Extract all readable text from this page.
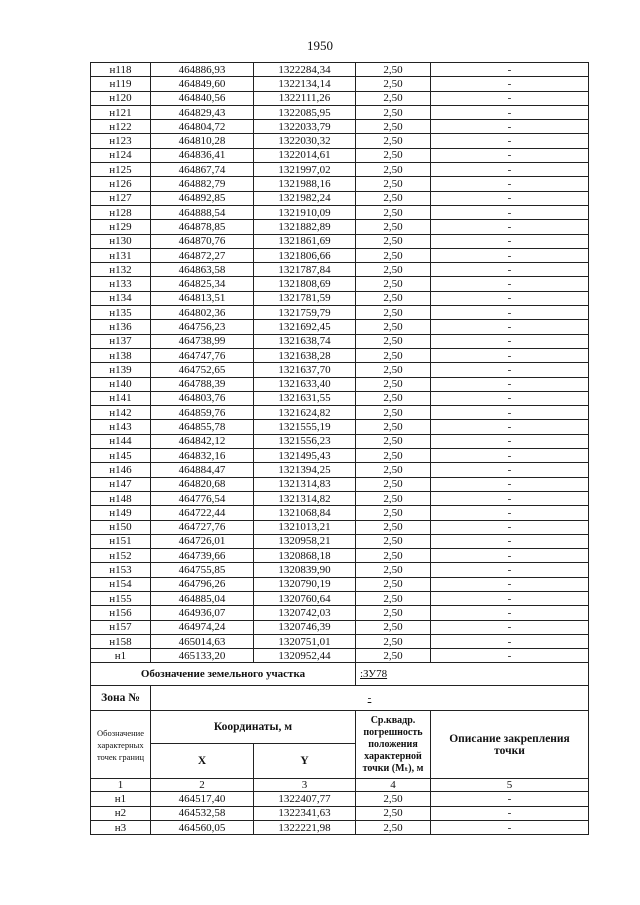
1950
н118	464886,93	1322284,34	2,50	-
н119	464849,60	1322134,14	2,50	-
н120	464840,56	1322111,26	2,50	-
н121	464829,43	1322085,95	2,50	-
н122	464804,72	1322033,79	2,50	-
н123	464810,28	1322030,32	2,50	-
н124	464836,41	1322014,61	2,50	-
н125	464867,74	1321997,02	2,50	-
н126	464882,79	1321988,16	2,50	-
н127	464892,85	1321982,24	2,50	-
н128	464888,54	1321910,09	2,50	-
н129	464878,85	1321882,89	2,50	-
н130	464870,76	1321861,69	2,50	-
н131	464872,27	1321806,66	2,50	-
н132	464863,58	1321787,84	2,50	-
н133	464825,34	1321808,69	2,50	-
н134	464813,51	1321781,59	2,50	-
н135	464802,36	1321759,79	2,50	-
н136	464756,23	1321692,45	2,50	-
н137	464738,99	1321638,74	2,50	-
н138	464747,76	1321638,28	2,50	-
н139	464752,65	1321637,70	2,50	-
н140	464788,39	1321633,40	2,50	-
н141	464803,76	1321631,55	2,50	-
н142	464859,76	1321624,82	2,50	-
н143	464855,78	1321555,19	2,50	-
н144	464842,12	1321556,23	2,50	-
н145	464832,16	1321495,43	2,50	-
н146	464884,47	1321394,25	2,50	-
н147	464820,68	1321314,83	2,50	-
н148	464776,54	1321314,82	2,50	-
н149	464722,44	1321068,84	2,50	-
н150	464727,76	1321013,21	2,50	-
н151	464726,01	1320958,21	2,50	-
н152	464739,66	1320868,18	2,50	-
н153	464755,85	1320839,90	2,50	-
н154	464796,26	1320790,19	2,50	-
н155	464885,04	1320760,64	2,50	-
н156	464936,07	1320742,03	2,50	-
н157	464974,24	1320746,39	2,50	-
н158	465014,63	1320751,01	2,50	-
н1	465133,20	1320952,44	2,50	-
Обозначение земельного участка			:ЗУ78	
Зона №	-			
Обозначение характерных точек границ	Координаты, м		Ср.квадр. погрешность положения характерной точки (Mₜ), м	Описание закрепления точки
	X	Y		
1	2	3	4	5
н1	464517,40	1322407,77	2,50	-
н2	464532,58	1322341,63	2,50	-
н3	464560,05	1322221,98	2,50	-
